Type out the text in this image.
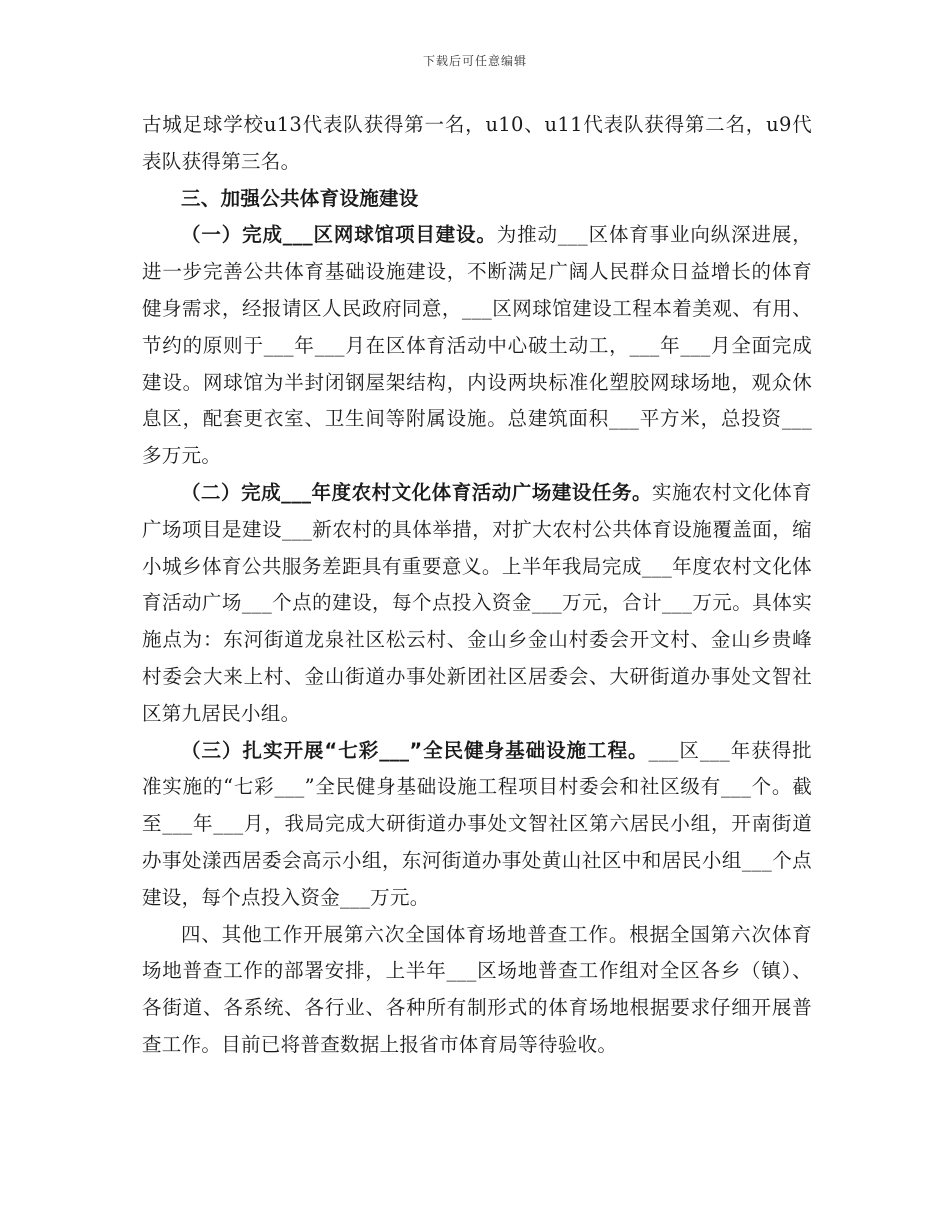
下载后可任意编辑

古城足球学校u13代表队获得第一名，u10、u11代表队获得第二名，u9代表队获得第三名。

三、加强公共体育设施建设

（一）完成___区网球馆项目建设。为推动___区体育事业向纵深进展，进一步完善公共体育基础设施建设，不断满足广阔人民群众日益增长的体育健身需求，经报请区人民政府同意，___区网球馆建设工程本着美观、有用、节约的原则于___年___月在区体育活动中心破土动工，___年___月全面完成建设。网球馆为半封闭钢屋架结构，内设两块标准化塑胶网球场地，观众休息区，配套更衣室、卫生间等附属设施。总建筑面积___平方米，总投资___多万元。

（二）完成___年度农村文化体育活动广场建设任务。实施农村文化体育广场项目是建设___新农村的具体举措，对扩大农村公共体育设施覆盖面，缩小城乡体育公共服务差距具有重要意义。上半年我局完成___年度农村文化体育活动广场___个点的建设，每个点投入资金___万元，合计___万元。具体实施点为：东河街道龙泉社区松云村、金山乡金山村委会开文村、金山乡贵峰村委会大来上村、金山街道办事处新团社区居委会、大研街道办事处文智社区第九居民小组。

（三）扎实开展“七彩___”全民健身基础设施工程。___区___年获得批准实施的“七彩___”全民健身基础设施工程项目村委会和社区级有___个。截至___年___月，我局完成大研街道办事处文智社区第六居民小组，开南街道办事处漾西居委会高示小组，东河街道办事处黄山社区中和居民小组___个点建设，每个点投入资金___万元。

四、其他工作开展第六次全国体育场地普查工作。根据全国第六次体育场地普查工作的部署安排，上半年___区场地普查工作组对全区各乡（镇）、各街道、各系统、各行业、各种所有制形式的体育场地根据要求仔细开展普查工作。目前已将普查数据上报省市体育局等待验收。
